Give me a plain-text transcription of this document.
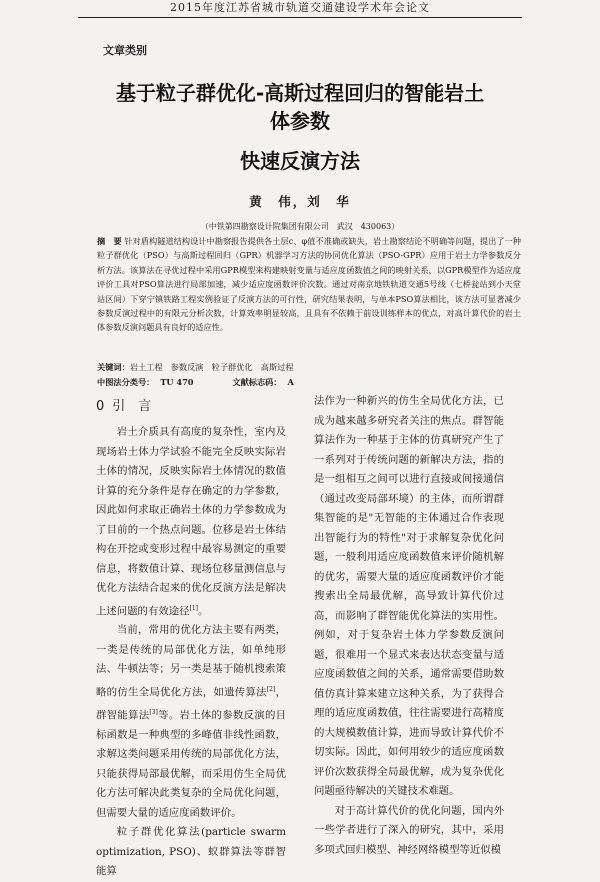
2015年度江苏省城市轨道交通建设学术年会论文
文章类别
基于粒子群优化-高斯过程回归的智能岩土
体参数
快速反演方法
黄　伟，刘　华
（中铁第四勘察设计院集团有限公司　武汉　430063）

摘　要 针对盾构隧道结构设计中勘察报告提供各土层c、φ值不准确或缺失，岩土勘察结论不明确等问题，提出了一种粒子群优化（PSO）与高斯过程回归（GPR）机器学习方法的协同优化算法（PSO-GPR）应用于岩土力学参数反分析方法。该算法在寻优过程中采用GPR模型来构建映射变量与适应度函数值之间的映射关系，以GPR模型作为适应度评价工具对PSO算法进行局部加速，减少适应度函数评价次数。通过对南京地铁轨道交通5号线（七桥瓮站到小天堂站区间）下穿宁镇铁路工程实例验证了反演方法的可行性，研究结果表明，与单本PSO算法相比，该方法可显著减少参数反演过程中的有限元分析次数，计算效率明显较高，且具有不依赖于前设训练样本的优点，对高计算代价的岩土体参数反演问题具有良好的适应性。

关键词：岩土工程　参数反演　粒子群优化　高斯过程
中图法分类号： TU 470	文献标志码： A
0 引　言

岩土介质具有高度的复杂性，室内及现场岩土体力学试验不能完全反映实际岩土体的情况，反映实际岩土体情况的数值计算的充分条件是存在确定的力学参数，因此如何求取正确岩土体的力学参数成为了目前的一个热点问题。位移是岩土体结构在开挖或变形过程中最容易测定的重要信息，将数值计算、现场位移量测信息与优化方法结合起来的优化反演方法是解决上述问题的有效途径[1]。

当前，常用的优化方法主要有两类，一类是传统的局部优化方法，如单纯形法、牛顿法等；另一类是基于随机搜索策略的仿生全局优化方法，如遗传算法[2]，群智能算法[3]等。岩土体的参数反演的目标函数是一种典型的多峰值非线性函数，求解这类问题采用传统的局部优化方法，只能获得局部最优解，而采用仿生全局优化方法可解决此类复杂的全局优化问题，但需要大量的适应度函数评价。

粒子群优化算法(particle swarm optimization, PSO)、蚁群算法等群智能算

法作为一种新兴的仿生全局优化方法，已成为越来越多研究者关注的焦点。群智能算法作为一种基于主体的仿真研究产生了一系列对于传统问题的新解决方法，指的是一组相互之间可以进行直接或间接通信（通过改变局部环境）的主体，而所谓群集智能的是"无智能的主体通过合作表现出智能行为的特性"对于求解复杂优化问题，一般利用适应度函数值来评价随机解的优劣，需要大量的适应度函数评价才能搜索出全局最优解，高导致计算代价过高，而影响了群智能优化算法的实用性。例如，对于复杂岩土体力学参数反演问题，很难用一个显式来表达状态变量与适应度函数值之间的关系，通常需要借助数值仿真计算来建立这种关系，为了获得合理的适应度函数值，往往需要进行高精度的大规模数值计算，进而导致计算代价不切实际。因此，如何用较少的适应度函数评价次数获得全局最优解，成为复杂优化问题亟待解决的关键技术难题。

对于高计算代价的优化问题，国内外一些学者进行了深入的研究，其中，采用多项式回归模型、神经网络模型等近似模
